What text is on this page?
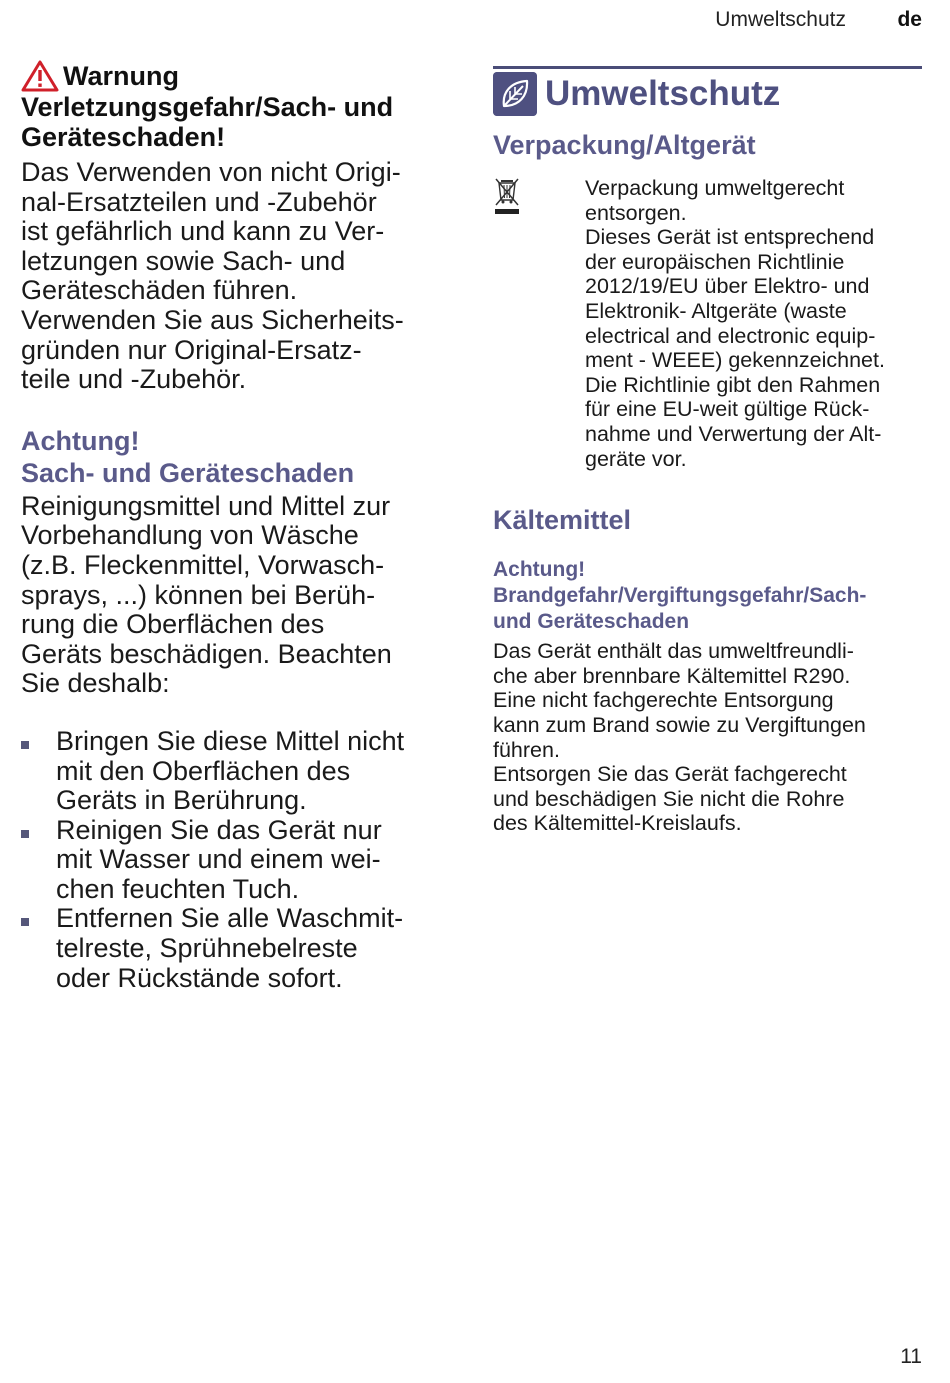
Umweltschutz de
Warnung
Verletzungsgefahr/Sach- und Geräteschaden!

Das Verwenden von nicht Origi-
nal-Ersatzteilen und -Zubehör
ist gefährlich und kann zu Ver-
letzungen sowie Sach- und
Geräteschäden führen.
Verwenden Sie aus Sicherheits-
gründen nur Original-Ersatz-
teile und -Zubehör.

Achtung!
Sach- und Geräteschaden

Reinigungsmittel und Mittel zur
Vorbehandlung von Wäsche
(z.B. Fleckenmittel, Vorwasch-
sprays, ...) können bei Berüh-
rung die Oberflächen des
Geräts beschädigen. Beachten
Sie deshalb:

Bringen Sie diese Mittel nicht
mit den Oberflächen des
Geräts in Berührung.
Reinigen Sie das Gerät nur
mit Wasser und einem wei-
chen feuchten Tuch.
Entfernen Sie alle Waschmit-
telreste, Sprühnebelreste
oder Rückstände sofort.
Umweltschutz
Verpackung/Altgerät

Verpackung umweltgerecht
entsorgen.
Dieses Gerät ist entsprechend
der europäischen Richtlinie
2012/19/EU über Elektro- und
Elektronik- Altgeräte (waste
electrical and electronic equip-
ment - WEEE) gekennzeichnet.
Die Richtlinie gibt den Rahmen
für eine EU-weit gültige Rück-
nahme und Verwertung der Alt-
geräte vor.

Kältemittel
Achtung!
Brandgefahr/Vergiftungsgefahr/Sach-
und Geräteschaden

Das Gerät enthält das umweltfreundli-
che aber brennbare Kältemittel R290.
Eine nicht fachgerechte Entsorgung
kann zum Brand sowie zu Vergiftungen
führen.
Entsorgen Sie das Gerät fachgerecht
und beschädigen Sie nicht die Rohre
des Kältemittel-Kreislaufs.

11
